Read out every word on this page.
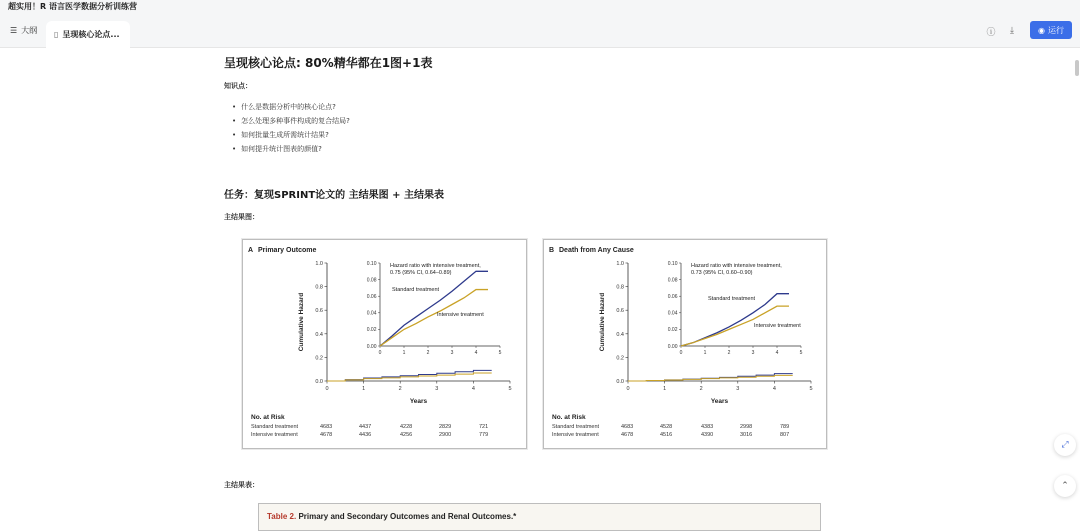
超实用！R 语言医学数据分析训练营
☰ 大纲 ▯ 呈现核心论点...	ⓘ	⤓	◉ 运行
呈现核心论点: 80%精华都在1图+1表
知识点：
• 什么是数据分析中的核心论点?
• 怎么处理多种事件构成的复合结局?
• 如何批量生成所需统计结果?
• 如何提升统计图表的颜值?
任务：复现SPRINT论文的 主结果图 + 主结果表
主结果图：
A Primary Outcome
0	1	2	3	4	5
0.0
0.2
0.4
0.6
0.8
1.0
Years
Cumulative Hazard
0	1	2	3	4	5
0.00
0.02
0.04
0.06
0.08
0.10 Hazard ratio with intensive treatment,
0.75 (95% CI, 0.64–0.89)
Standard treatment
Intensive treatment
No. at Risk
Standard treatment	4683	4437	4228	2829	721
Intensive treatment	4678	4436	4256	2900	779
B Death from Any Cause
0	1	2	3	4	5
0.0
0.2
0.4
0.6
0.8
1.0
Years
Cumulative Hazard
0	1	2	3	4	5
0.00
0.02
0.04
0.06
0.08
0.10 Hazard ratio with intensive treatment,
0.73 (95% CI, 0.60–0.90)
Standard treatment
Intensive treatment
No. at Risk
Standard treatment	4683	4528	4383	2998	789
Intensive treatment	4678	4516	4390	3016	807
主结果表：
Table 2. Primary and Secondary Outcomes and Renal Outcomes.*
⤢
⌃
